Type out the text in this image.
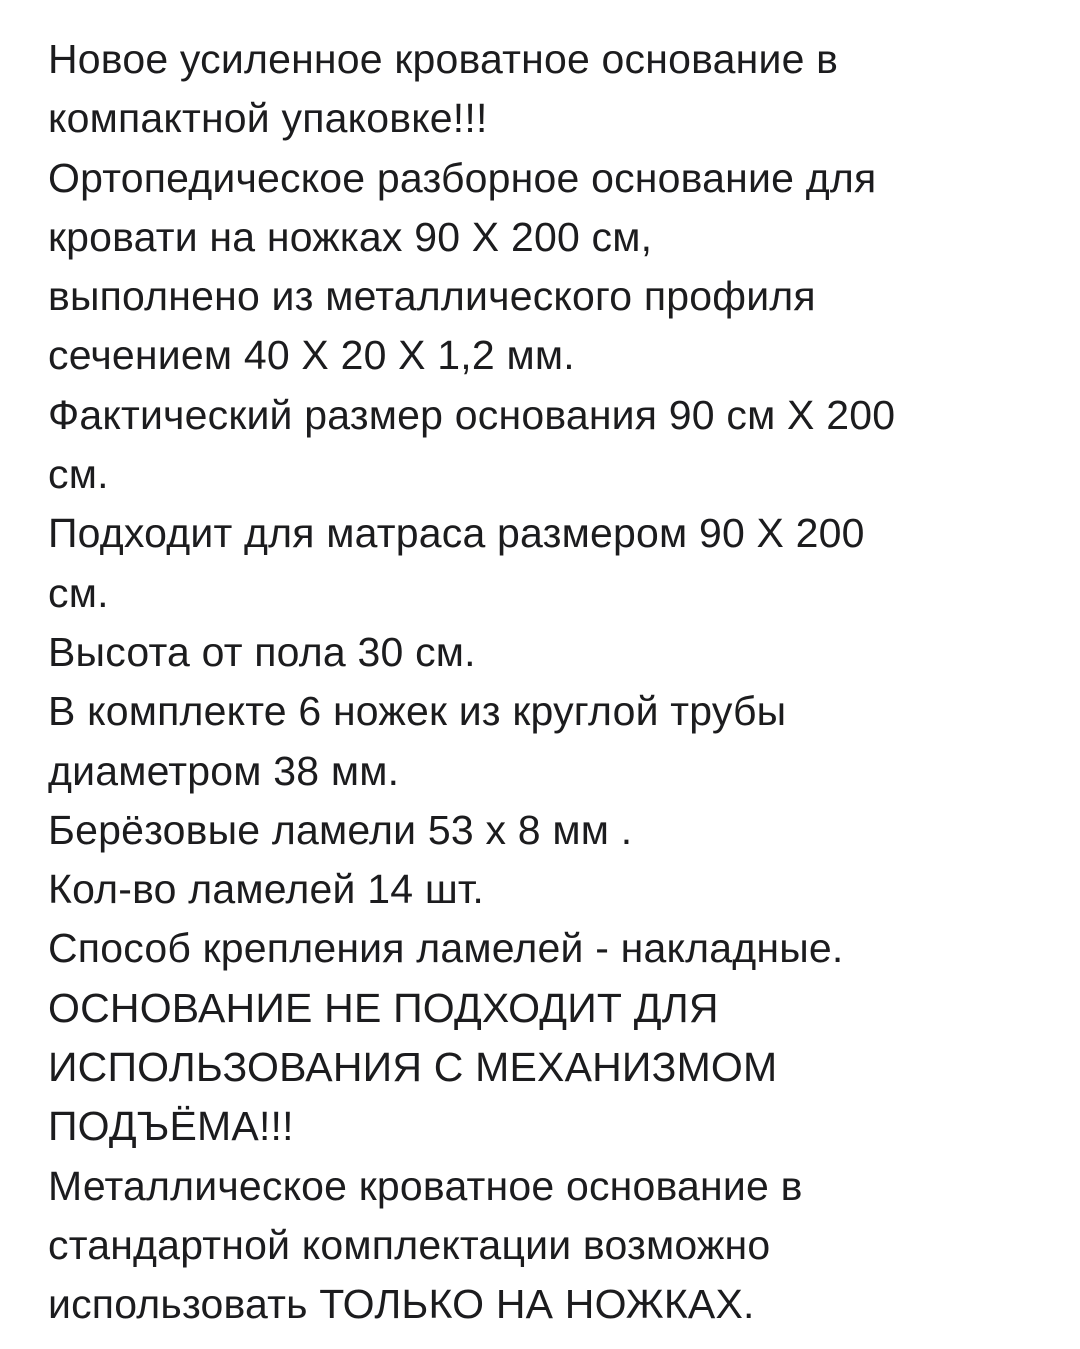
Новое усиленное кроватное основание в
компактной упаковке!!!
Ортопедическое разборное основание для
кровати на ножках 90 Х 200 см,
выполнено из металлического профиля
сечением 40 Х 20 Х 1,2 мм.
Фактический размер основания 90 см Х 200
см.
Подходит для матраса размером 90 Х 200
см.
Высота от пола 30 см.
В комплекте 6 ножек из круглой трубы
диаметром 38 мм.
Берёзовые ламели 53 х 8 мм .
Кол-во ламелей 14 шт.
Способ крепления ламелей - накладные.
ОСНОВАНИЕ НЕ ПОДХОДИТ ДЛЯ
ИСПОЛЬЗОВАНИЯ С МЕХАНИЗМОМ
ПОДЪЁМА!!!
Металлическое кроватное основание в
стандартной комплектации возможно
использовать ТОЛЬКО НА НОЖКАХ.
